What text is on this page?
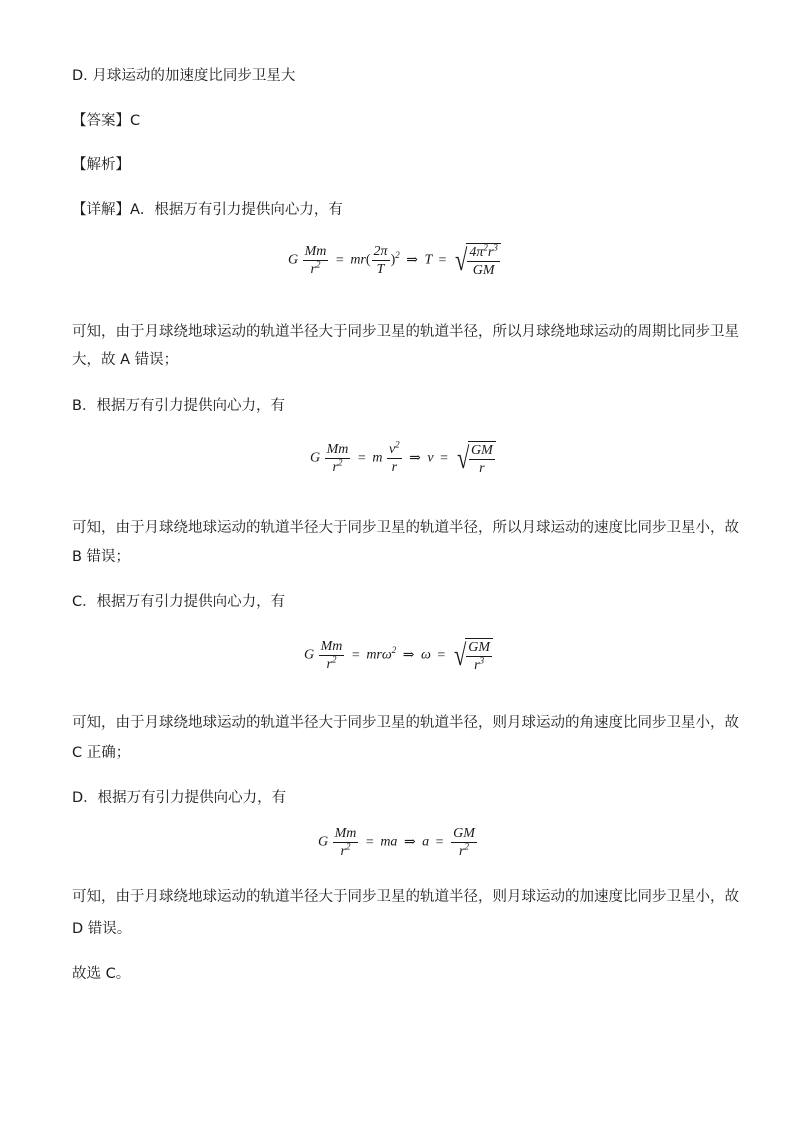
D. 月球运动的加速度比同步卫星大
【答案】C
【解析】
【详解】A．根据万有引力提供向心力，有
G $\frac{Mm}{r^2} = mr( \frac{2\pi}{T} )^2$ ⇒ T = √ $\frac{4\pi^2r^3}{GM}$
可知，由于月球绕地球运动的轨道半径大于同步卫星的轨道半径，所以月球绕地球运动的周期比同步卫星
大，故 A 错误；
B．根据万有引力提供向心力，有
G $\frac{Mm}{r^2} = m \frac{v^2}{r}$ ⇒ v = √ $\frac{GM}{r}$
可知，由于月球绕地球运动的轨道半径大于同步卫星的轨道半径，所以月球运动的速度比同步卫星小，故
B 错误；
C．根据万有引力提供向心力，有
G $\frac{Mm}{r^2} = mr\omega^2$ ⇒ ω = √ $\frac{GM}{r^3}$
可知，由于月球绕地球运动的轨道半径大于同步卫星的轨道半径，则月球运动的角速度比同步卫星小，故
C 正确；
D．根据万有引力提供向心力，有
G $\frac{Mm}{r^2}$ = ma ⇒ $a = \frac{GM}{r^2}$
可知，由于月球绕地球运动的轨道半径大于同步卫星的轨道半径，则月球运动的加速度比同步卫星小，故
D 错误。
故选 C。
